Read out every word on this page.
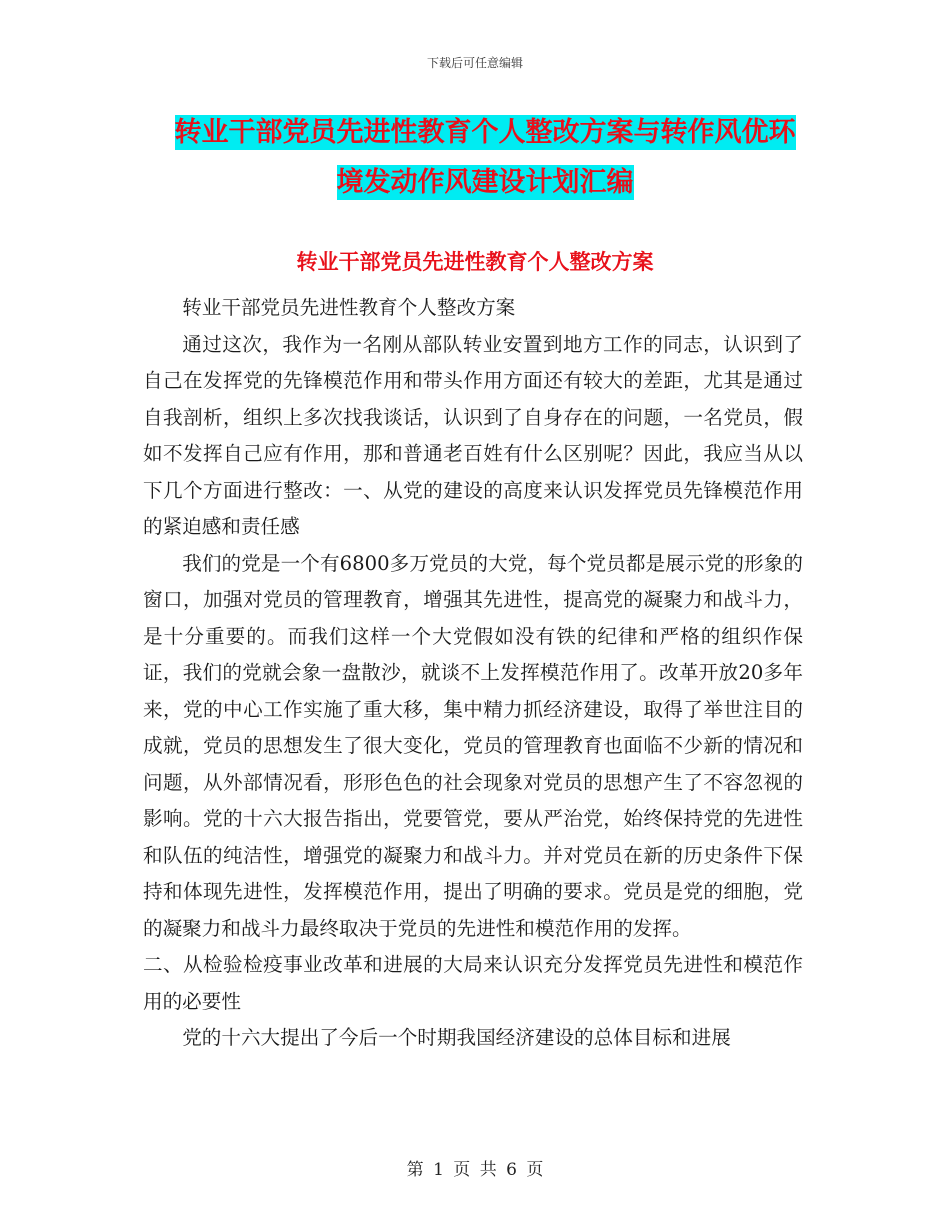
下载后可任意编辑
转业干部党员先进性教育个人整改方案与转作风优环
境发动作风建设计划汇编
转业干部党员先进性教育个人整改方案

转业干部党员先进性教育个人整改方案

通过这次，我作为一名刚从部队转业安置到地方工作的同志，认识到了自己在发挥党的先锋模范作用和带头作用方面还有较大的差距，尤其是通过自我剖析，组织上多次找我谈话，认识到了自身存在的问题，一名党员，假如不发挥自己应有作用，那和普通老百姓有什么区别呢？因此，我应当从以下几个方面进行整改：一、从党的建设的高度来认识发挥党员先锋模范作用的紧迫感和责任感

我们的党是一个有6800多万党员的大党，每个党员都是展示党的形象的窗口，加强对党员的管理教育，增强其先进性，提高党的凝聚力和战斗力，是十分重要的。而我们这样一个大党假如没有铁的纪律和严格的组织作保证，我们的党就会象一盘散沙，就谈不上发挥模范作用了。改革开放20多年来，党的中心工作实施了重大移，集中精力抓经济建设，取得了举世注目的成就，党员的思想发生了很大变化，党员的管理教育也面临不少新的情况和问题，从外部情况看，形形色色的社会现象对党员的思想产生了不容忽视的影响。党的十六大报告指出，党要管党，要从严治党，始终保持党的先进性和队伍的纯洁性，增强党的凝聚力和战斗力。并对党员在新的历史条件下保持和体现先进性，发挥模范作用，提出了明确的要求。党员是党的细胞，党的凝聚力和战斗力最终取决于党员的先进性和模范作用的发挥。

二、从检验检疫事业改革和进展的大局来认识充分发挥党员先进性和模范作用的必要性

党的十六大提出了今后一个时期我国经济建设的总体目标和进展

第 1 页 共 6 页
